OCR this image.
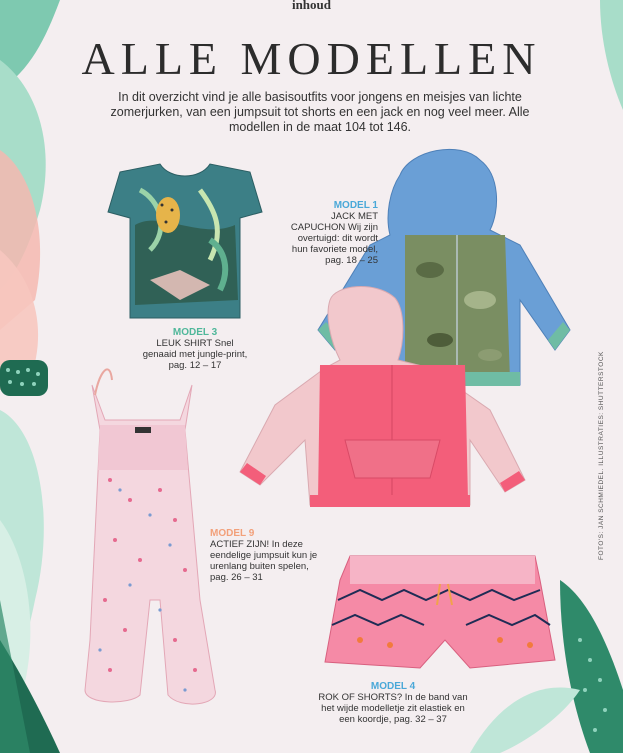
inhoud
ALLE MODELLEN

In dit overzicht vind je alle basisoutfits voor jongens en meisjes van lichte zomerjurken, van een jumpsuit tot shorts en een jack en nog veel meer. Alle modellen in de maat 104 tot 146.

MODEL 1
JACK MET CAPUCHON Wij zijn overtuigd: dit wordt hun favoriete model, pag. 18 – 25
MODEL 3
LEUK SHIRT Snel genaaid met jungle-print, pag. 12 – 17
MODEL 9
ACTIEF ZIJN! In deze eendelige jumpsuit kun je urenlang buiten spelen, pag. 26 – 31
MODEL 4
ROK OF SHORTS? In de band van het wijde modelletje zit elastiek en een koordje, pag. 32 – 37
FOTO'S: JAN SCHMIEDEL. ILLUSTRATIES: SHUTTERSTOCK
